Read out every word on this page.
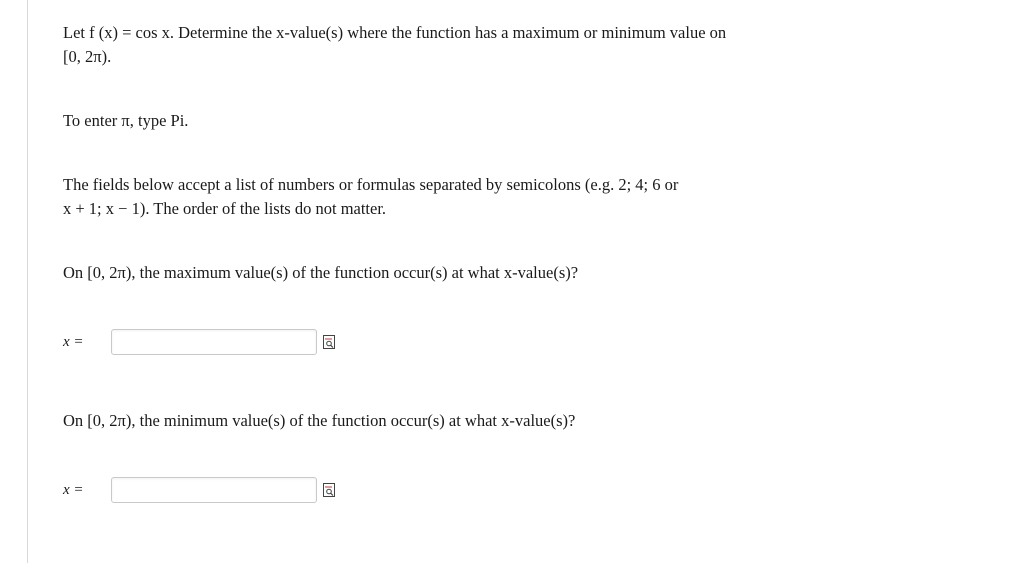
Let f (x) = cos x. Determine the x-value(s) where the function has a maximum or minimum value on
[0, 2π).

To enter π, type Pi.

The fields below accept a list of numbers or formulas separated by semicolons (e.g. 2; 4; 6 or
x + 1; x − 1). The order of the lists do not matter.

On [0, 2π), the maximum value(s) of the function occur(s) at what x-value(s)?

x =

On [0, 2π), the minimum value(s) of the function occur(s) at what x-value(s)?

x =
